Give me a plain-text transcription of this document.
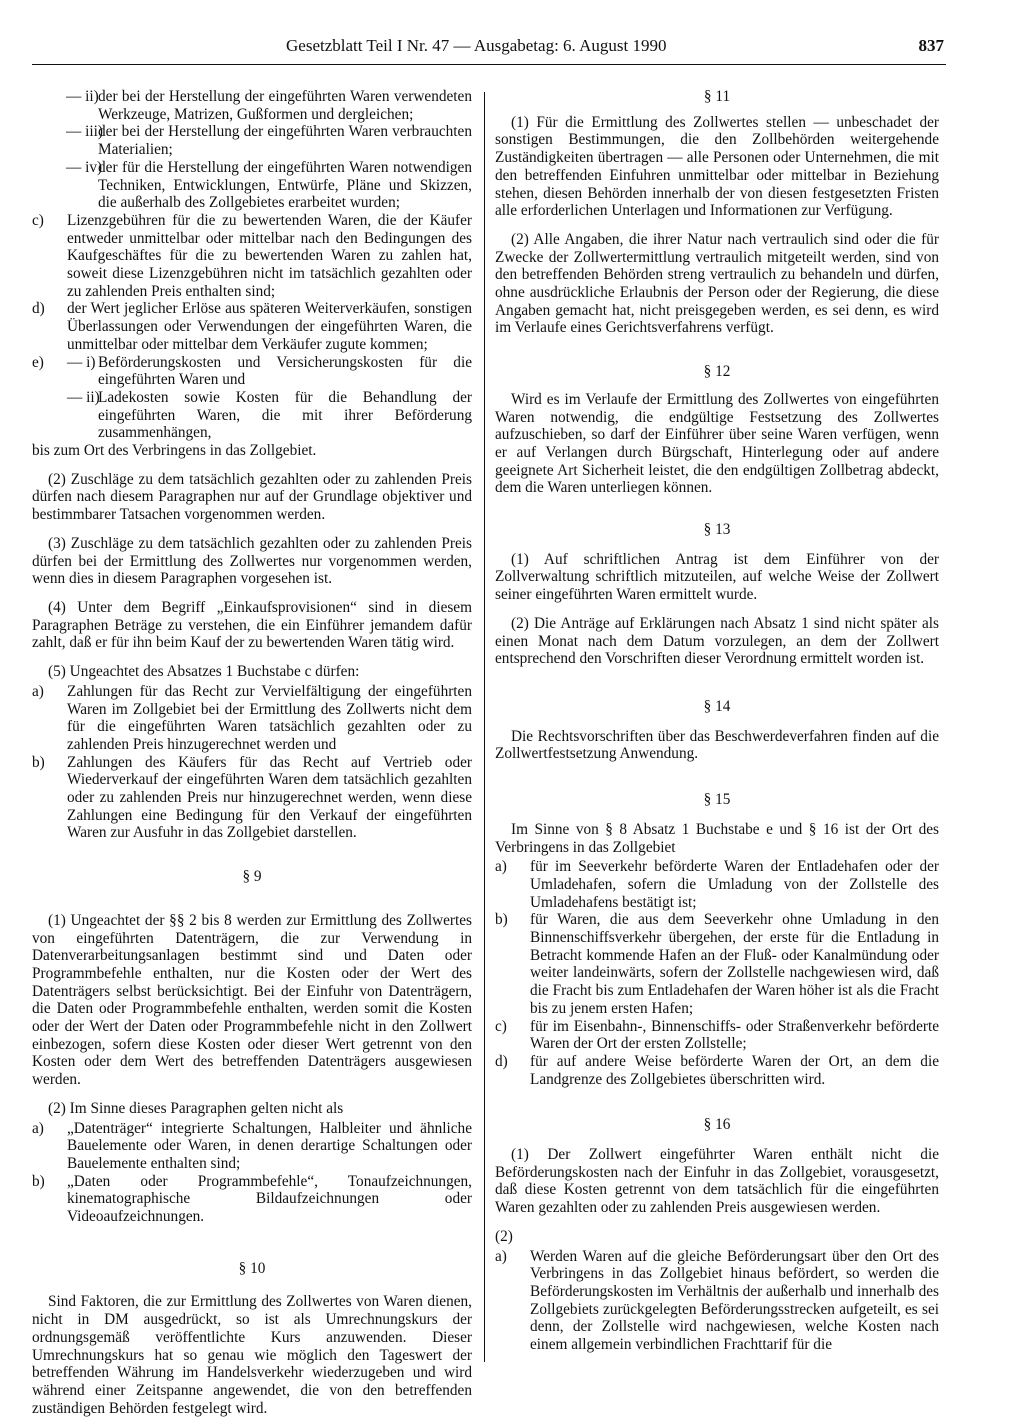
Gesetzblatt Teil I Nr. 47 — Ausgabetag: 6. August 1990	837
— ii) der bei der Herstellung der eingeführten Waren verwendeten Werkzeuge, Matrizen, Gußformen und dergleichen;
— iii)
der bei der Herstellung der eingeführten Waren verbrauchten Materialien;
— iv)
der für die Herstellung der eingeführten Waren notwendigen Techniken, Entwicklungen, Entwürfe, Pläne und Skizzen, die außerhalb des Zollgebietes erarbeitet wurden;
c)	Lizenzgebühren für die zu bewertenden Waren, die der Käufer entweder unmittelbar oder mittelbar nach den Bedingungen des Kaufgeschäftes für die zu bewertenden Waren zu zahlen hat, soweit diese Lizenzgebühren nicht im tatsächlich gezahlten oder zu zahlenden Preis enthalten sind;
d)	der Wert jeglicher Erlöse aus späteren Weiterverkäufen, sonstigen Überlassungen oder Verwendungen der eingeführten Waren, die unmittelbar oder mittelbar dem Verkäufer zugute kommen;
e)	— i) Beförderungskosten und Versicherungskosten für die eingeführten Waren und
— ii)
Ladekosten sowie Kosten für die Behandlung der eingeführten Waren, die mit ihrer Beförderung zusammenhängen,

bis zum Ort des Verbringens in das Zollgebiet.

(2) Zuschläge zu dem tatsächlich gezahlten oder zu zahlenden Preis dürfen nach diesem Paragraphen nur auf der Grundlage objektiver und bestimmbarer Tatsachen vorgenommen werden.

(3) Zuschläge zu dem tatsächlich gezahlten oder zu zahlenden Preis dürfen bei der Ermittlung des Zollwertes nur vorgenommen werden, wenn dies in diesem Paragraphen vorgesehen ist.

(4) Unter dem Begriff „Einkaufsprovisionen“ sind in diesem Paragraphen Beträge zu verstehen, die ein Einführer jemandem dafür zahlt, daß er für ihn beim Kauf der zu bewertenden Waren tätig wird.

(5) Ungeachtet des Absatzes 1 Buchstabe c dürfen:

a)	Zahlungen für das Recht zur Vervielfältigung der eingeführten Waren im Zollgebiet bei der Ermittlung des Zollwerts nicht dem für die eingeführten Waren tatsächlich gezahlten oder zu zahlenden Preis hinzugerechnet werden und
b)	Zahlungen des Käufers für das Recht auf Vertrieb oder Wiederverkauf der eingeführten Waren dem tatsächlich gezahlten oder zu zahlenden Preis nur hinzugerechnet werden, wenn diese Zahlungen eine Bedingung für den Verkauf der eingeführten Waren zur Ausfuhr in das Zollgebiet darstellen.
§ 9

(1) Ungeachtet der §§ 2 bis 8 werden zur Ermittlung des Zollwertes von eingeführten Datenträgern, die zur Verwendung in Datenverarbeitungsanlagen bestimmt sind und Daten oder Programmbefehle enthalten, nur die Kosten oder der Wert des Datenträgers selbst berücksichtigt. Bei der Einfuhr von Datenträgern, die Daten oder Programmbefehle enthalten, werden somit die Kosten oder der Wert der Daten oder Programmbefehle nicht in den Zollwert einbezogen, sofern diese Kosten oder dieser Wert getrennt von den Kosten oder dem Wert des betreffenden Datenträgers ausgewiesen werden.

(2) Im Sinne dieses Paragraphen gelten nicht als

a)	„Datenträger“ integrierte Schaltungen, Halbleiter und ähnliche Bauelemente oder Waren, in denen derartige Schaltungen oder Bauelemente enthalten sind;
b)	„Daten oder Programmbefehle“, Tonaufzeichnungen, kinematographische Bildaufzeichnungen oder Videoaufzeichnungen.
§ 10

Sind Faktoren, die zur Ermittlung des Zollwertes von Waren dienen, nicht in DM ausgedrückt, so ist als Umrechnungskurs der ordnungsgemäß veröffentlichte Kurs anzuwenden. Dieser Umrechnungskurs hat so genau wie möglich den Tageswert der betreffenden Währung im Handelsverkehr wiederzugeben und wird während einer Zeitspanne angewendet, die von den betreffenden zuständigen Behörden festgelegt wird.

§ 11

(1) Für die Ermittlung des Zollwertes stellen — unbeschadet der sonstigen Bestimmungen, die den Zollbehörden weitergehende Zuständigkeiten übertragen — alle Personen oder Unternehmen, die mit den betreffenden Einfuhren unmittelbar oder mittelbar in Beziehung stehen, diesen Behörden innerhalb der von diesen festgesetzten Fristen alle erforderlichen Unterlagen und Informationen zur Verfügung.

(2) Alle Angaben, die ihrer Natur nach vertraulich sind oder die für Zwecke der Zollwertermittlung vertraulich mitgeteilt werden, sind von den betreffenden Behörden streng vertraulich zu behandeln und dürfen, ohne ausdrückliche Erlaubnis der Person oder der Regierung, die diese Angaben gemacht hat, nicht preisgegeben werden, es sei denn, es wird im Verlaufe eines Gerichtsverfahrens verfügt.

§ 12

Wird es im Verlaufe der Ermittlung des Zollwertes von eingeführten Waren notwendig, die endgültige Festsetzung des Zollwertes aufzuschieben, so darf der Einführer über seine Waren verfügen, wenn er auf Verlangen durch Bürgschaft, Hinterlegung oder auf andere geeignete Art Sicherheit leistet, die den endgültigen Zollbetrag abdeckt, dem die Waren unterliegen können.

§ 13

(1) Auf schriftlichen Antrag ist dem Einführer von der Zollverwaltung schriftlich mitzuteilen, auf welche Weise der Zollwert seiner eingeführten Waren ermittelt wurde.

(2) Die Anträge auf Erklärungen nach Absatz 1 sind nicht später als einen Monat nach dem Datum vorzulegen, an dem der Zollwert entsprechend den Vorschriften dieser Verordnung ermittelt worden ist.

§ 14

Die Rechtsvorschriften über das Beschwerdeverfahren finden auf die Zollwertfestsetzung Anwendung.

§ 15

Im Sinne von § 8 Absatz 1 Buchstabe e und § 16 ist der Ort des Verbringens in das Zollgebiet

a)	für im Seeverkehr beförderte Waren der Entladehafen oder der Umladehafen, sofern die Umladung von der Zollstelle des Umladehafens bestätigt ist;
b)	für Waren, die aus dem Seeverkehr ohne Umladung in den Binnenschiffsverkehr übergehen, der erste für die Entladung in Betracht kommende Hafen an der Fluß- oder Kanalmündung oder weiter landeinwärts, sofern der Zollstelle nachgewiesen wird, daß die Fracht bis zum Entladehafen der Waren höher ist als die Fracht bis zu jenem ersten Hafen;
c)	für im Eisenbahn-, Binnenschiffs- oder Straßenverkehr beförderte Waren der Ort der ersten Zollstelle;
d)	für auf andere Weise beförderte Waren der Ort, an dem die Landgrenze des Zollgebietes überschritten wird.
§ 16

(1) Der Zollwert eingeführter Waren enthält nicht die Beförderungskosten nach der Einfuhr in das Zollgebiet, vorausgesetzt, daß diese Kosten getrennt von dem tatsächlich für die eingeführten Waren gezahlten oder zu zahlenden Preis ausgewiesen werden.

(2)

a)	Werden Waren auf die gleiche Beförderungsart über den Ort des Verbringens in das Zollgebiet hinaus befördert, so werden die Beförderungskosten im Verhältnis der außerhalb und innerhalb des Zollgebiets zurückgelegten Beförderungsstrecken aufgeteilt, es sei denn, der Zollstelle wird nachgewiesen, welche Kosten nach einem allgemein verbindlichen Frachttarif für die
